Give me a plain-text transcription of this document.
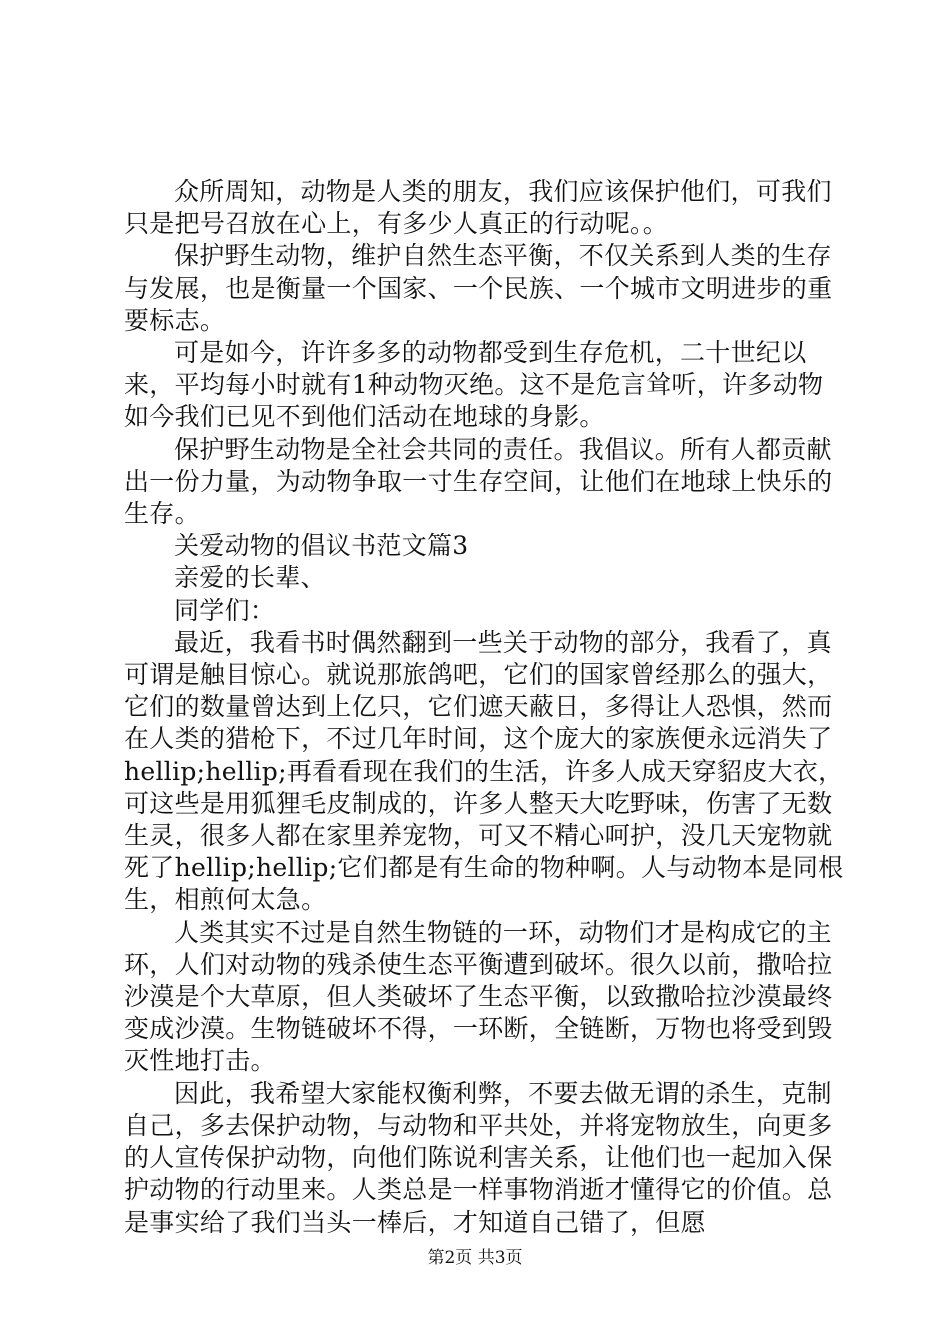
众所周知，动物是人类的朋友，我们应该保护他们，可我们只是把号召放在心上，有多少人真正的行动呢。。

保护野生动物，维护自然生态平衡，不仅关系到人类的生存与发展，也是衡量一个国家、一个民族、一个城市文明进步的重要标志。

可是如今，许许多多的动物都受到生存危机，二十世纪以来，平均每小时就有1种动物灭绝。这不是危言耸听，许多动物如今我们已见不到他们活动在地球的身影。

保护野生动物是全社会共同的责任。我倡议。所有人都贡献出一份力量，为动物争取一寸生存空间，让他们在地球上快乐的生存。

关爱动物的倡议书范文篇3

亲爱的长辈、

同学们：

最近，我看书时偶然翻到一些关于动物的部分，我看了，真可谓是触目惊心。就说那旅鸽吧，它们的国家曾经那么的强大，它们的数量曾达到上亿只，它们遮天蔽日，多得让人恐惧，然而在人类的猎枪下，不过几年时间，这个庞大的家族便永远消失了hellip;hellip;再看看现在我们的生活，许多人成天穿貂皮大衣，可这些是用狐狸毛皮制成的，许多人整天大吃野味，伤害了无数生灵，很多人都在家里养宠物，可又不精心呵护，没几天宠物就死了hellip;hellip;它们都是有生命的物种啊。人与动物本是同根生，相煎何太急。

人类其实不过是自然生物链的一环，动物们才是构成它的主环，人们对动物的残杀使生态平衡遭到破坏。很久以前，撒哈拉沙漠是个大草原，但人类破坏了生态平衡，以致撒哈拉沙漠最终变成沙漠。生物链破坏不得，一环断，全链断，万物也将受到毁灭性地打击。

因此，我希望大家能权衡利弊，不要去做无谓的杀生，克制自己，多去保护动物，与动物和平共处，并将宠物放生，向更多的人宣传保护动物，向他们陈说利害关系，让他们也一起加入保护动物的行动里来。人类总是一样事物消逝才懂得它的价值。总是事实给了我们当头一棒后，才知道自己错了，但愿

第2页 共3页
